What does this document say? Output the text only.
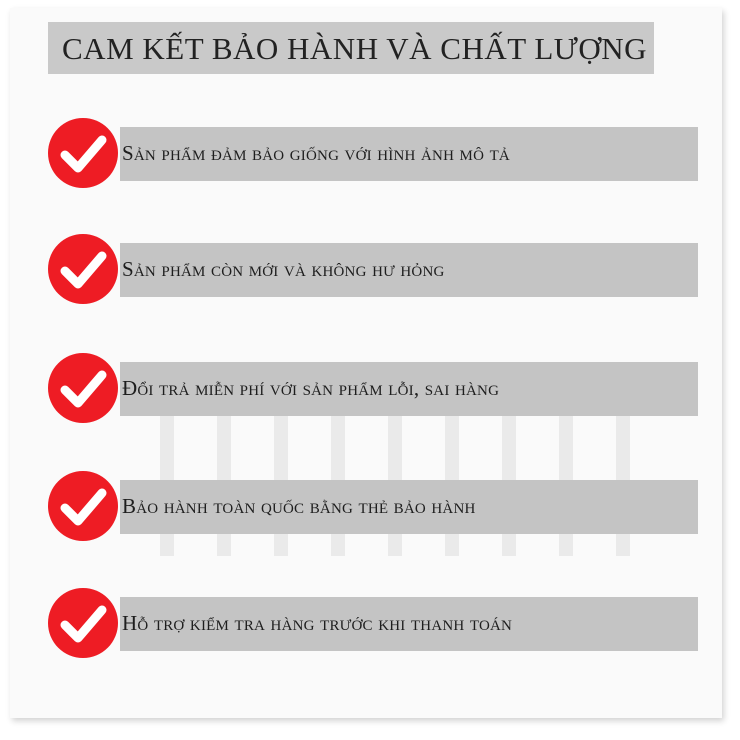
CAM KẾT BẢO HÀNH VÀ CHẤT LƯỢNG
Sản phẩm đảm bảo giống với hình ảnh mô tả
Sản phẩm còn mới và không hư hỏng
Đổi trả miễn phí với sản phẩm lỗi, sai hàng
Bảo hành toàn quốc bằng thẻ bảo hành
Hỗ trợ kiểm tra hàng trước khi thanh toán
